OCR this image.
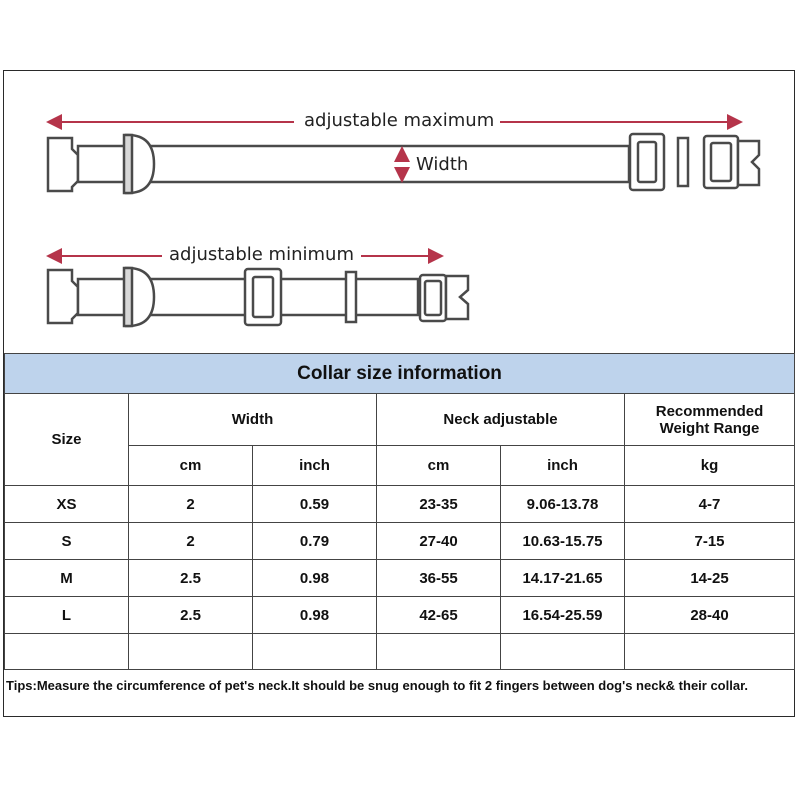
adjustable maximum
Width
adjustable minimum
Collar size information					
Size	Width		Neck adjustable		Recommended
Weight Range

	cm	inch	cm	inch	kg
XS	2	0.59	23-35	9.06-13.78	4-7
S	2	0.79	27-40	10.63-15.75	7-15
M	2.5	0.98	36-55	14.17-21.65	14-25
L	2.5	0.98	42-65	16.54-25.59	28-40

Tips:Measure the circumference of pet's neck.It should be snug enough to fit 2 fingers between dog's neck& their collar.
